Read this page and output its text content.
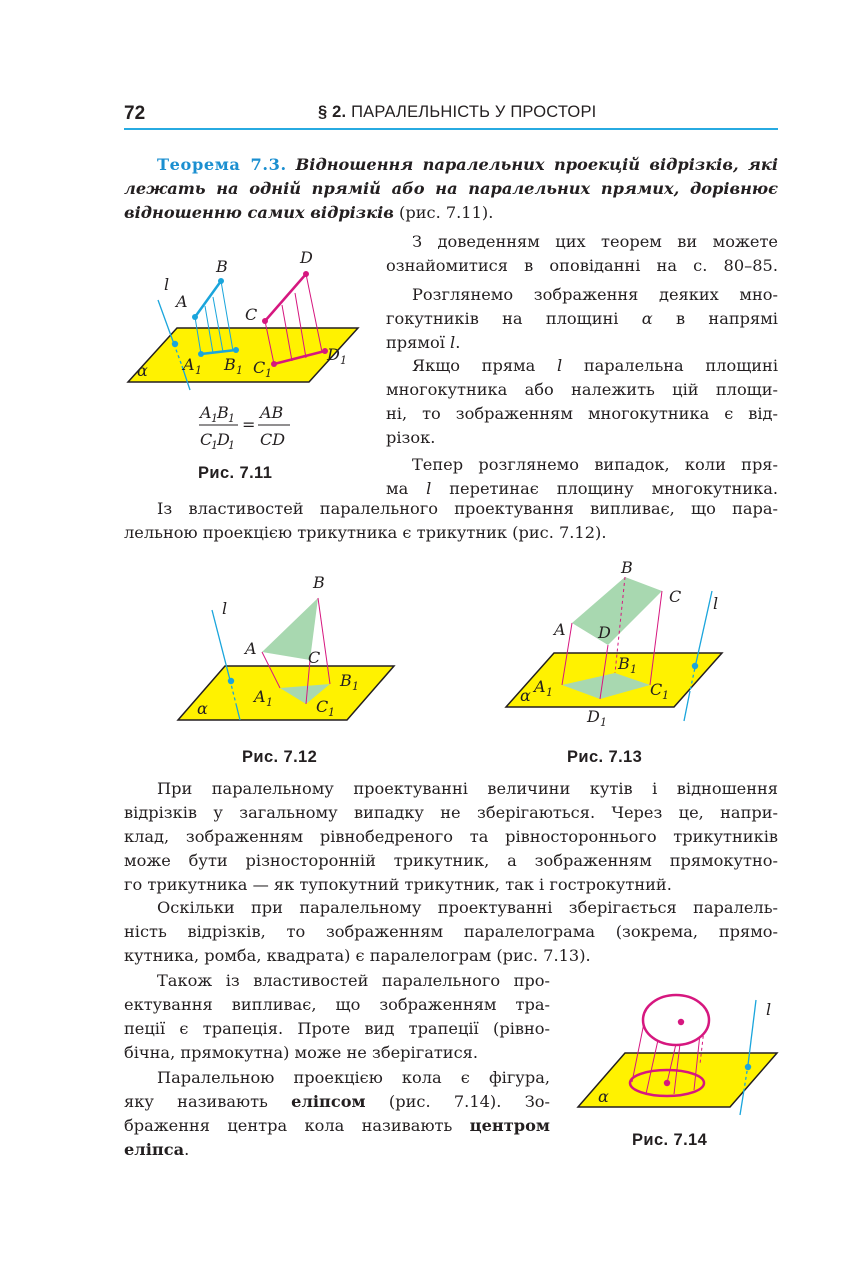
72	§ 2. ПАРАЛЕЛЬНІСТЬ У ПРОСТОРІ
Теорема 7.3. Відношення паралельних проекцій відрізків, які
лежать на одній прямій або на паралельних прямих, дорівнює
відношенню самих відрізків (рис. 7.11).
З доведенням цих теорем ви можете
ознайомитися в оповіданні на с. 80–85.
Розглянемо зображення деяких мно-
гокутників на площині α в напрямі
прямої l.
Якщо пряма l паралельна площині
многокутника або належить цій площи-
ні, то зображенням многокутника є від-
різок.
Тепер розглянемо випадок, коли пря-
ма l перетинає площину многокутника.
Із властивостей паралельного проектування випливає, що пара-
лельною проекцією трикутника є трикутник (рис. 7.12).
При паралельному проектуванні величини кутів і відношення
відрізків у загальному випадку не зберігаються. Через це, напри-
клад, зображенням рівнобедреного та рівностороннього трикутників
може бути різносторонній трикутник, а зображенням прямокутно-
го трикутника — як тупокутний трикутник, так і гострокутний.
Оскільки при паралельному проектуванні зберігається паралель-
ність відрізків, то зображенням паралелограма (зокрема, прямо-
кутника, ромба, квадрата) є паралелограм (рис. 7.13).
Також із властивостей паралельного про-
ектування випливає, що зображенням тра-
пеції є трапеція. Проте вид трапеції (рівно-
бічна, прямокутна) може не зберігатися.
Паралельною проекцією кола є фігура,
яку називають еліпсом (рис. 7.14). Зо-
браження центра кола називають центром
еліпса.
l
α
A
B
C
D
A 1 B 1 C 1
D 1
A 1 B 1
C
1 D
1
=
AB
CD
Рис. 7.11
l
α
A
B
C
A 1
B 1
C 1
Рис. 7.12
l
α
A
B
C
D
A 1
B 1
C 1
D 1
Рис. 7.13
l
α
Рис. 7.14
